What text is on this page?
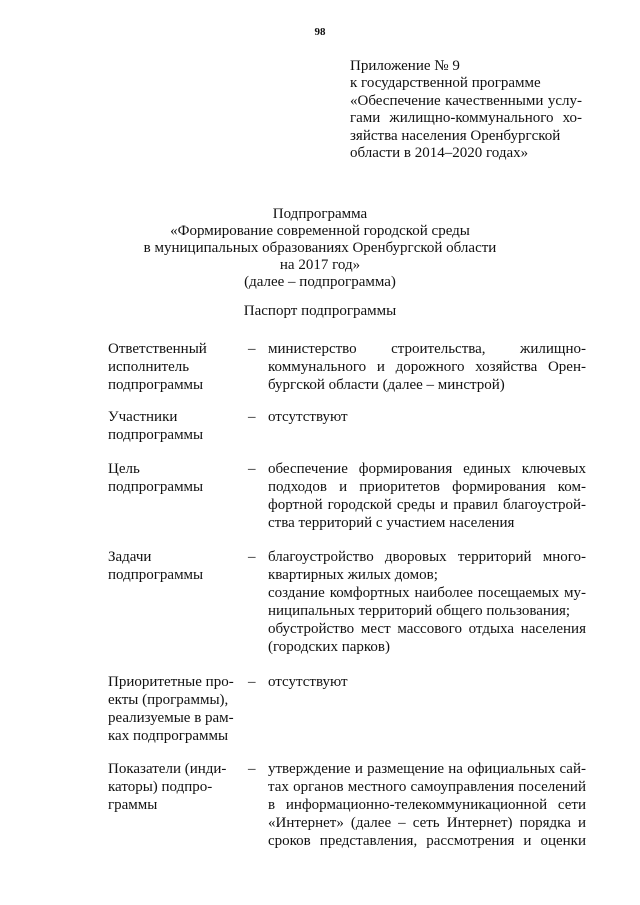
98
Приложение № 9
к государственной программе
«Обеспечение качественными услу-
гами жилищно-коммунального хо-
зяйства населения Оренбургской
области в 2014–2020 годах»
Подпрограмма
«Формирование современной городской среды
в муниципальных образованиях Оренбургской области
на 2017 год»
(далее – подпрограмма)
Паспорт подпрограммы
Ответственный
исполнитель
подпрограммы
– министерство строительства, жилищно-
коммунального и дорожного хозяйства Орен-
бургской области (далее – минстрой)
Участники
подпрограммы
– отсутствуют
Цель
подпрограммы
– обеспечение формирования единых ключевых
подходов и приоритетов формирования ком-
фортной городской среды и правил благоустрой-
ства территорий с участием населения
Задачи
подпрограммы
– благоустройство дворовых территорий много-
квартирных жилых домов;
создание комфортных наиболее посещаемых му-
ниципальных территорий общего пользования;
обустройство мест массового отдыха населения
(городских парков)
Приоритетные про-
екты (программы),
реализуемые в рам-
ках подпрограммы
– отсутствуют
Показатели (инди-
каторы) подпро-
граммы
– утверждение и размещение на официальных сай-
тах органов местного самоуправления поселений
в информационно-телекоммуникационной сети
«Интернет» (далее – сеть Интернет) порядка и
сроков представления, рассмотрения и оценки
